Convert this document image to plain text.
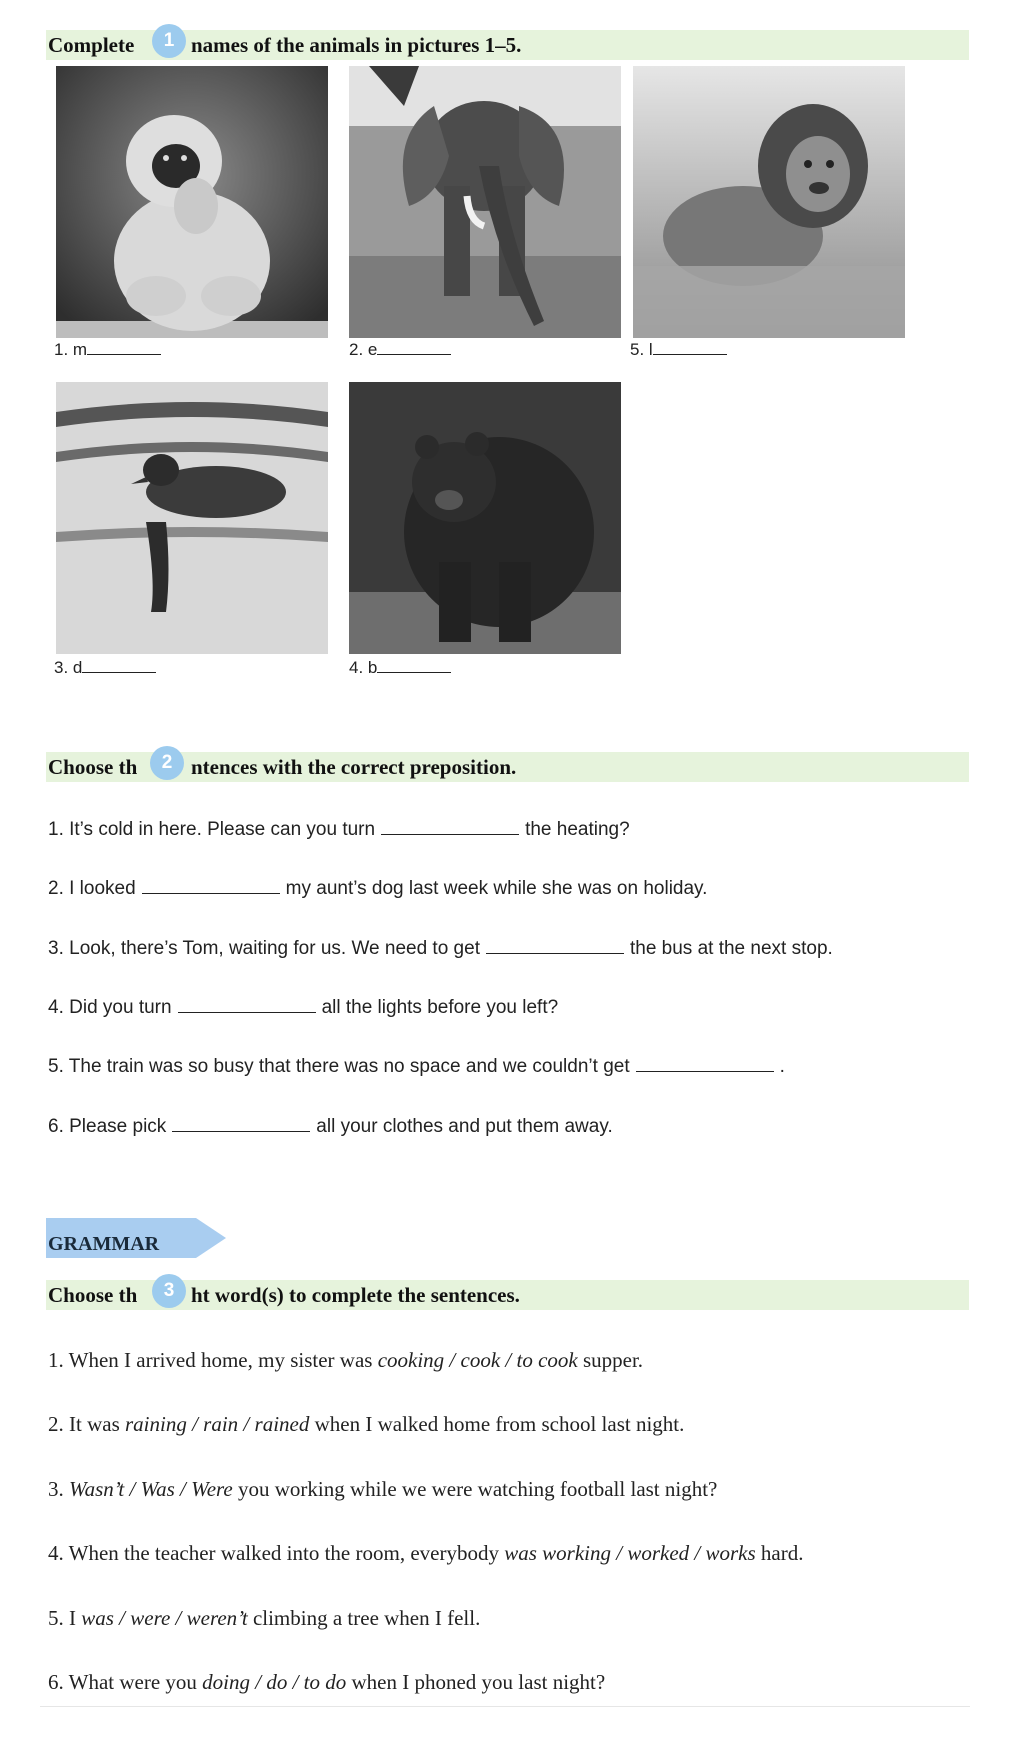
Complete	names of the animals in pictures 1–5.
1
1. m	2. e	5. l
3. d	4. b
Choose th	ntences with the correct preposition.
2
1. It’s cold in here. Please can you turn	the heating?
2. I looked	my aunt’s dog last week while she was on holiday.
3. Look, there’s Tom, waiting for us. We need to get	the bus at the next stop.
4. Did you turn	all the lights before you left?
5. The train was so busy that there was no space and we couldn’t get	.
6. Please pick	all your clothes and put them away.
GRAMMAR
Choose th	ht word(s) to complete the sentences.
3
1. When I arrived home, my sister was cooking / cook / to cook supper.
2. It was raining / rain / rained when I walked home from school last night.
3. Wasn’t / Was / Were you working while we were watching football last night?
4. When the teacher walked into the room, everybody was working / worked / works hard.
5. I was / were / weren’t climbing a tree when I fell.
6. What were you doing / do / to do when I phoned you last night?
